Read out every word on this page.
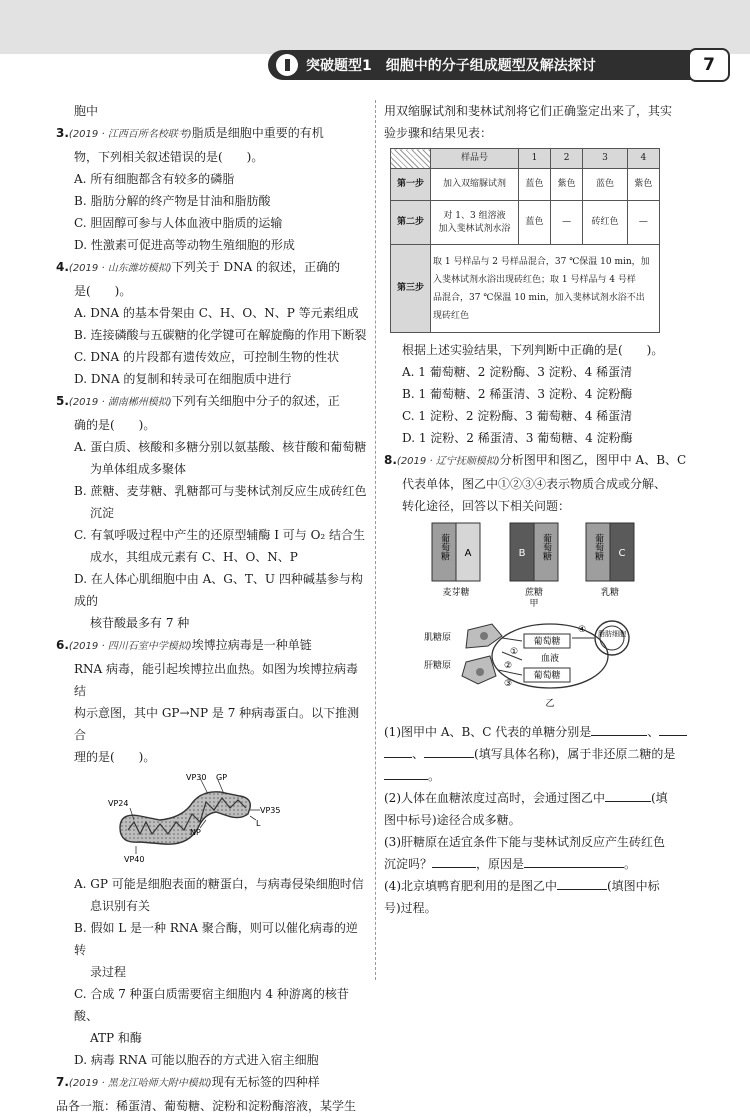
突破题型1　细胞中的分子组成题型及解法探讨	7

胞中

3.(2019 · 江西百所名校联考)脂质是细胞中重要的有机

物，下列相关叙述错误的是(　　)。

A. 所有细胞都含有较多的磷脂

B. 脂肪分解的终产物是甘油和脂肪酸

C. 胆固醇可参与人体血液中脂质的运输

D. 性激素可促进高等动物生殖细胞的形成

4.(2019 · 山东潍坊模拟)下列关于 DNA 的叙述，正确的

是(　　)。

A. DNA 的基本骨架由 C、H、O、N、P 等元素组成

B. 连接磷酸与五碳糖的化学键可在解旋酶的作用下断裂

C. DNA 的片段都有遗传效应，可控制生物的性状

D. DNA 的复制和转录可在细胞质中进行

5.(2019 · 湖南郴州模拟)下列有关细胞中分子的叙述，正

确的是(　　)。

A. 蛋白质、核酸和多糖分别以氨基酸、核苷酸和葡萄糖

为单体组成多聚体

B. 蔗糖、麦芽糖、乳糖都可与斐林试剂反应生成砖红色

沉淀

C. 有氧呼吸过程中产生的还原型辅酶 Ⅰ 可与 O₂ 结合生

成水，其组成元素有 C、H、O、N、P

D. 在人体心肌细胞中由 A、G、T、U 四种碱基参与构成的

核苷酸最多有 7 种

6.(2019 · 四川石室中学模拟)埃博拉病毒是一种单链

RNA 病毒，能引起埃博拉出血热。如图为埃博拉病毒结

构示意图，其中 GP→NP 是 7 种病毒蛋白。以下推测合

理的是(　　)。

VP30 GP
VP24
VP35
NP
L
VP40

A. GP 可能是细胞表面的糖蛋白，与病毒侵染细胞时信

息识别有关

B. 假如 L 是一种 RNA 聚合酶，则可以催化病毒的逆转

录过程

C. 合成 7 种蛋白质需要宿主细胞内 4 种游离的核苷酸、

ATP 和酶

D. 病毒 RNA 可能以胞吞的方式进入宿主细胞

7.(2019 · 黑龙江哈师大附中模拟)现有无标签的四种样

品各一瓶：稀蛋清、葡萄糖、淀粉和淀粉酶溶液，某学生

用双缩脲试剂和斐林试剂将它们正确鉴定出来了，其实

验步骤和结果见表：

	样品号	1	2	3	4
第一步	加入双缩脲试剂	蓝色	紫色	蓝色	紫色
第二步	对 1、3 组溶液
加入斐林试剂水浴	蓝色	—	砖红色	—
第三步	取 1 号样品与 2 号样品混合，37 ℃保温 10 min，加
入斐林试剂水浴出现砖红色；取 1 号样品与 4 号样
品混合，37 ℃保温 10 min，加入斐林试剂水浴不出
现砖红色				

根据上述实验结果，下列判断中正确的是(　　)。

A. 1 葡萄糖、2 淀粉酶、3 淀粉、4 稀蛋清

B. 1 葡萄糖、2 稀蛋清、3 淀粉、4 淀粉酶

C. 1 淀粉、2 淀粉酶、3 葡萄糖、4 稀蛋清

D. 1 淀粉、2 稀蛋清、3 葡萄糖、4 淀粉酶

8.(2019 · 辽宁抚顺模拟)分析图甲和图乙，图甲中 A、B、C

代表单体，图乙中①②③④表示物质合成或分解、

转化途径，回答以下相关问题：

葡萄糖 A	B 葡萄糖	葡萄糖 C
麦芽糖	蔗糖	乳糖
甲
葡萄糖
葡萄糖
血液
肌糖原
肝糖原
脂肪细胞
①
②
③
④
乙

(1)图甲中 A、B、C 代表的单糖分别是	、

、	(填写具体名称)，属于非还原二糖的是

。

(2)人体在血糖浓度过高时，会通过图乙中	(填

图中标号)途径合成多糖。

(3)肝糖原在适宜条件下能与斐林试剂反应产生砖红色

沉淀吗？	，原因是	。

(4)北京填鸭育肥利用的是图乙中	(填图中标

号)过程。
